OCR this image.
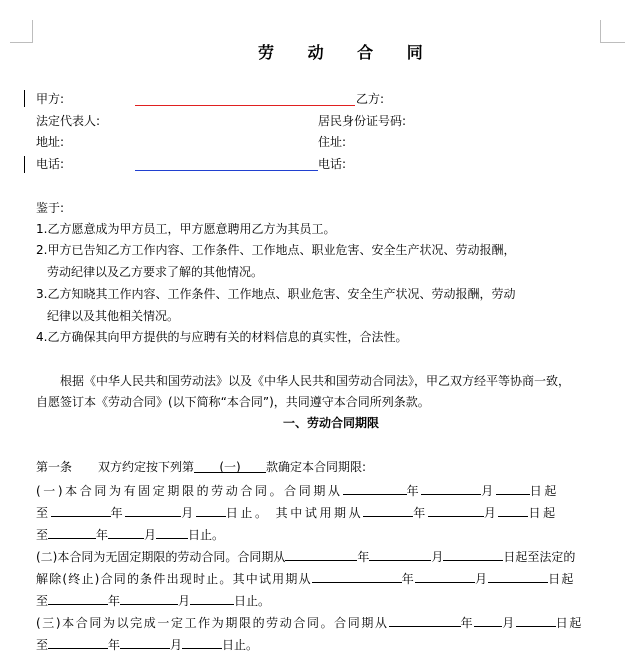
劳 动 合 同
甲方:	乙方:
法定代表人:	居民身份证号码:
地址:	住址:
电话:	电话:
鉴于:
1.乙方愿意成为甲方员工，甲方愿意聘用乙方为其员工。
2.甲方已告知乙方工作内容、工作条件、工作地点、职业危害、安全生产状况、劳动报酬，
劳动纪律以及乙方要求了解的其他情况。
3.乙方知晓其工作内容、工作条件、工作地点、职业危害、安全生产状况、劳动报酬，劳动
纪律以及其他相关情况。
4.乙方确保其向甲方提供的与应聘有关的材料信息的真实性，合法性。
根据《中华人民共和国劳动法》以及《中华人民共和国劳动合同法》，甲乙双方经平等协商一致，
自愿签订本《劳动合同》(以下简称“本合同”)，共同遵守本合同所列条款。
一、劳动合同期限
第一条 双方约定按下列第 (一) 款确定本合同期限:
(一)本合同为有固定期限的劳动合同。合同期从	年	月	日起
至	年	月	日止。 其中试用期从	年	月	日起
至	年	月	日止。
(二)本合同为无固定期限的劳动合同。合同期从	年	月	日起至法定的
解除(终止)合同的条件出现时止。其中试用期从	年	月	日起
至	年	月	日止。
(三)本合同为以完成一定工作为期限的劳动合同。合同期从	年 月	日起
至	年	月	日止。
